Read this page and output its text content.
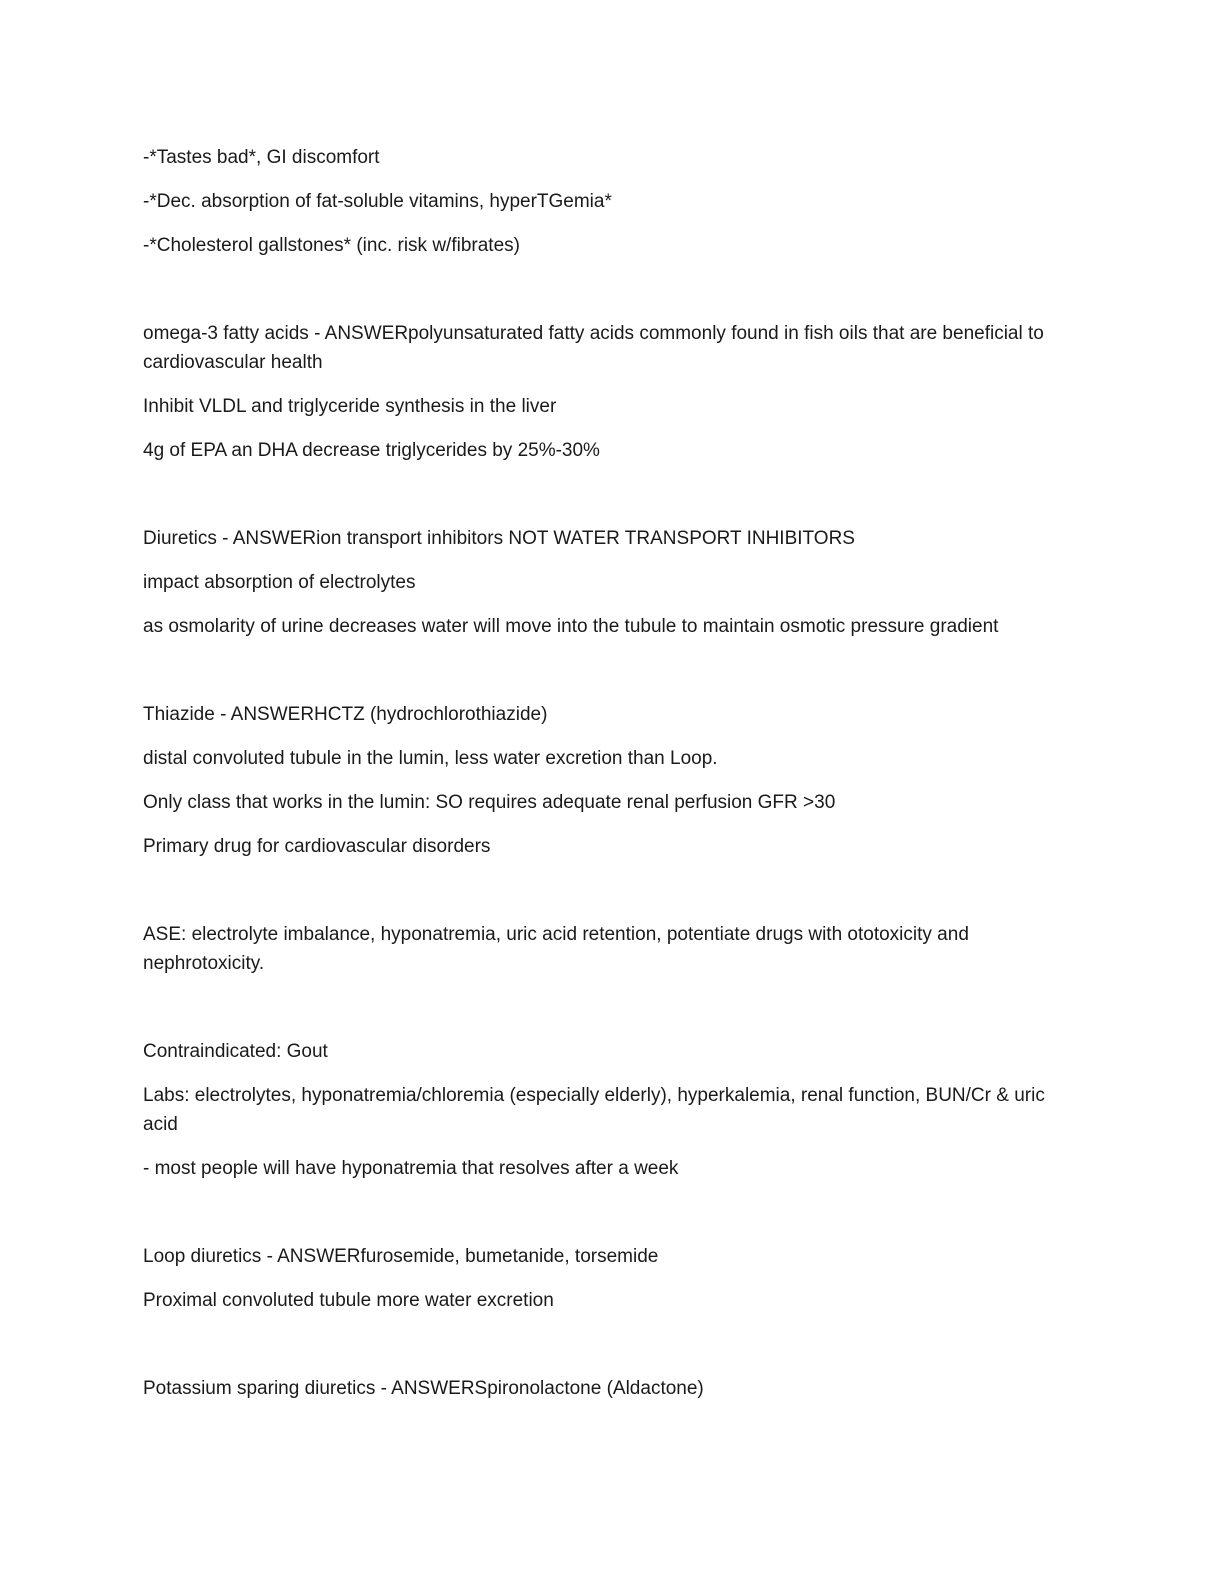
-*Tastes bad*, GI discomfort

-*Dec. absorption of fat-soluble vitamins, hyperTGemia*

-*Cholesterol gallstones* (inc. risk w/fibrates)

omega-3 fatty acids - ANSWERpolyunsaturated fatty acids commonly found in fish oils that are beneficial to cardiovascular health

Inhibit VLDL and triglyceride synthesis in the liver

4g of EPA an DHA decrease triglycerides by 25%-30%

Diuretics - ANSWERion transport inhibitors NOT WATER TRANSPORT INHIBITORS

impact absorption of electrolytes

as osmolarity of urine decreases water will move into the tubule to maintain osmotic pressure gradient

Thiazide - ANSWERHCTZ (hydrochlorothiazide)

distal convoluted tubule in the lumin, less water excretion than Loop.

Only class that works in the lumin: SO requires adequate renal perfusion GFR >30

Primary drug for cardiovascular disorders

ASE: electrolyte imbalance, hyponatremia, uric acid retention, potentiate drugs with ototoxicity and nephrotoxicity.

Contraindicated: Gout

Labs: electrolytes, hyponatremia/chloremia (especially elderly), hyperkalemia, renal function, BUN/Cr & uric acid

- most people will have hyponatremia that resolves after a week

Loop diuretics - ANSWERfurosemide, bumetanide, torsemide

Proximal convoluted tubule more water excretion

Potassium sparing diuretics - ANSWERSpironolactone (Aldactone)
